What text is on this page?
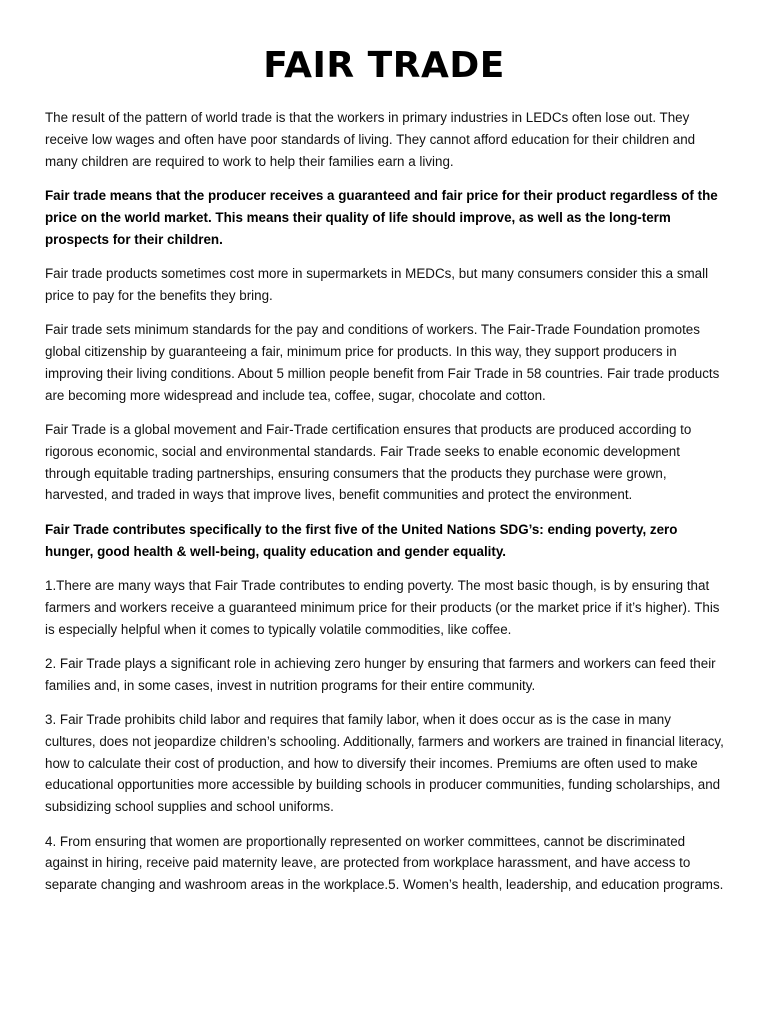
FAIR TRADE

The result of the pattern of world trade is that the workers in primary industries in LEDCs often lose out. They receive low wages and often have poor standards of living. They cannot afford education for their children and many children are required to work to help their families earn a living.

Fair trade means that the producer receives a guaranteed and fair price for their product regardless of the price on the world market. This means their quality of life should improve, as well as the long-term prospects for their children.

Fair trade products sometimes cost more in supermarkets in MEDCs, but many consumers consider this a small price to pay for the benefits they bring.

Fair trade sets minimum standards for the pay and conditions of workers. The Fair-Trade Foundation promotes global citizenship by guaranteeing a fair, minimum price for products. In this way, they support producers in improving their living conditions. About 5 million people benefit from Fair Trade in 58 countries. Fair trade products are becoming more widespread and include tea, coffee, sugar, chocolate and cotton.

Fair Trade is a global movement and Fair-Trade certification ensures that products are produced according to rigorous economic, social and environmental standards. Fair Trade seeks to enable economic development through equitable trading partnerships, ensuring consumers that the products they purchase were grown, harvested, and traded in ways that improve lives, benefit communities and protect the environment.

Fair Trade contributes specifically to the first five of the United Nations SDG’s: ending poverty, zero hunger, good health & well-being, quality education and gender equality.

1.There are many ways that Fair Trade contributes to ending poverty. The most basic though, is by ensuring that farmers and workers receive a guaranteed minimum price for their products (or the market price if it’s higher). This is especially helpful when it comes to typically volatile commodities, like coffee.

2. Fair Trade plays a significant role in achieving zero hunger by ensuring that farmers and workers can feed their families and, in some cases, invest in nutrition programs for their entire community.

3. Fair Trade prohibits child labor and requires that family labor, when it does occur as is the case in many cultures, does not jeopardize children’s schooling. Additionally, farmers and workers are trained in financial literacy, how to calculate their cost of production, and how to diversify their incomes. Premiums are often used to make educational opportunities more accessible by building schools in producer communities, funding scholarships, and subsidizing school supplies and school uniforms.

4. From ensuring that women are proportionally represented on worker committees, cannot be discriminated against in hiring, receive paid maternity leave, are protected from workplace harassment, and have access to separate changing and washroom areas in the workplace.5. Women’s health, leadership, and education programs.
